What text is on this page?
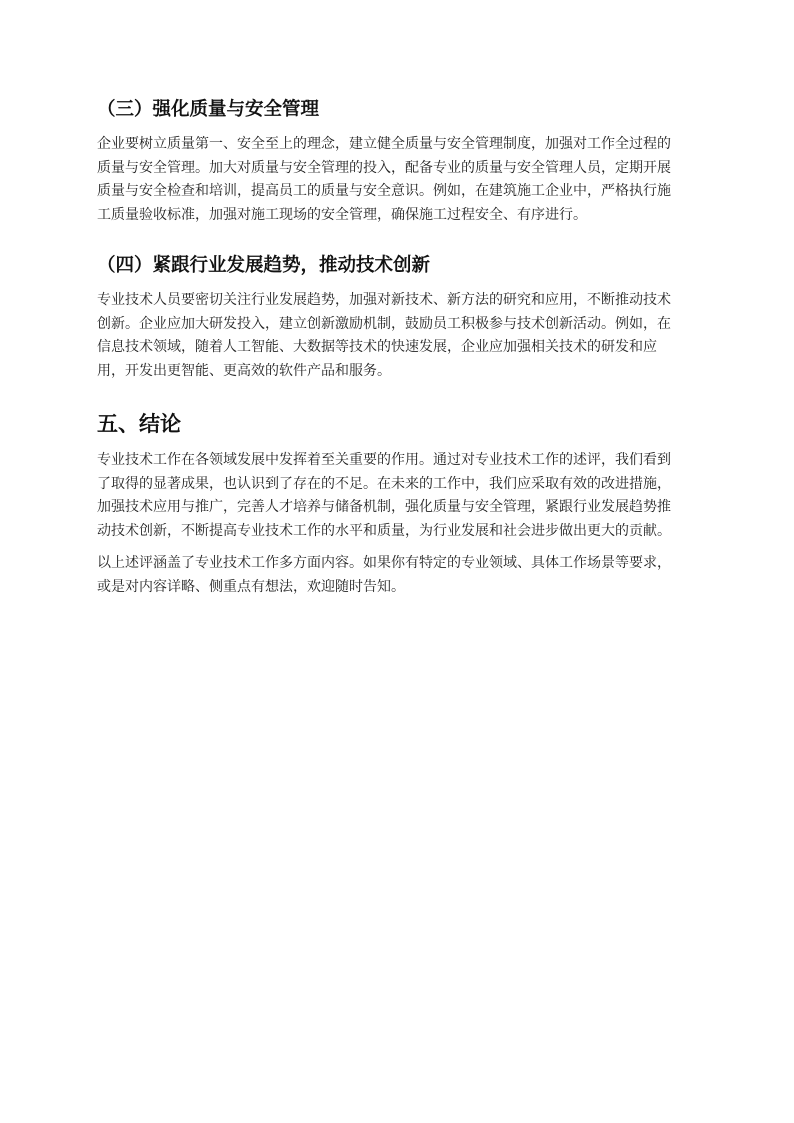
（三）强化质量与安全管理
企业要树立质量第一、安全至上的理念，建立健全质量与安全管理制度，加强对工作全过程的
质量与安全管理。加大对质量与安全管理的投入，配备专业的质量与安全管理人员，定期开展
质量与安全检查和培训，提高员工的质量与安全意识。例如，在建筑施工企业中，严格执行施
工质量验收标准，加强对施工现场的安全管理，确保施工过程安全、有序进行。
（四）紧跟行业发展趋势，推动技术创新
专业技术人员要密切关注行业发展趋势，加强对新技术、新方法的研究和应用，不断推动技术
创新。企业应加大研发投入，建立创新激励机制，鼓励员工积极参与技术创新活动。例如，在
信息技术领域，随着人工智能、大数据等技术的快速发展，企业应加强相关技术的研发和应
用，开发出更智能、更高效的软件产品和服务。
五、结论
专业技术工作在各领域发展中发挥着至关重要的作用。通过对专业技术工作的述评，我们看到
了取得的显著成果，也认识到了存在的不足。在未来的工作中，我们应采取有效的改进措施，
加强技术应用与推广，完善人才培养与储备机制，强化质量与安全管理，紧跟行业发展趋势推
动技术创新，不断提高专业技术工作的水平和质量，为行业发展和社会进步做出更大的贡献。
以上述评涵盖了专业技术工作多方面内容。如果你有特定的专业领域、具体工作场景等要求，
或是对内容详略、侧重点有想法，欢迎随时告知。
